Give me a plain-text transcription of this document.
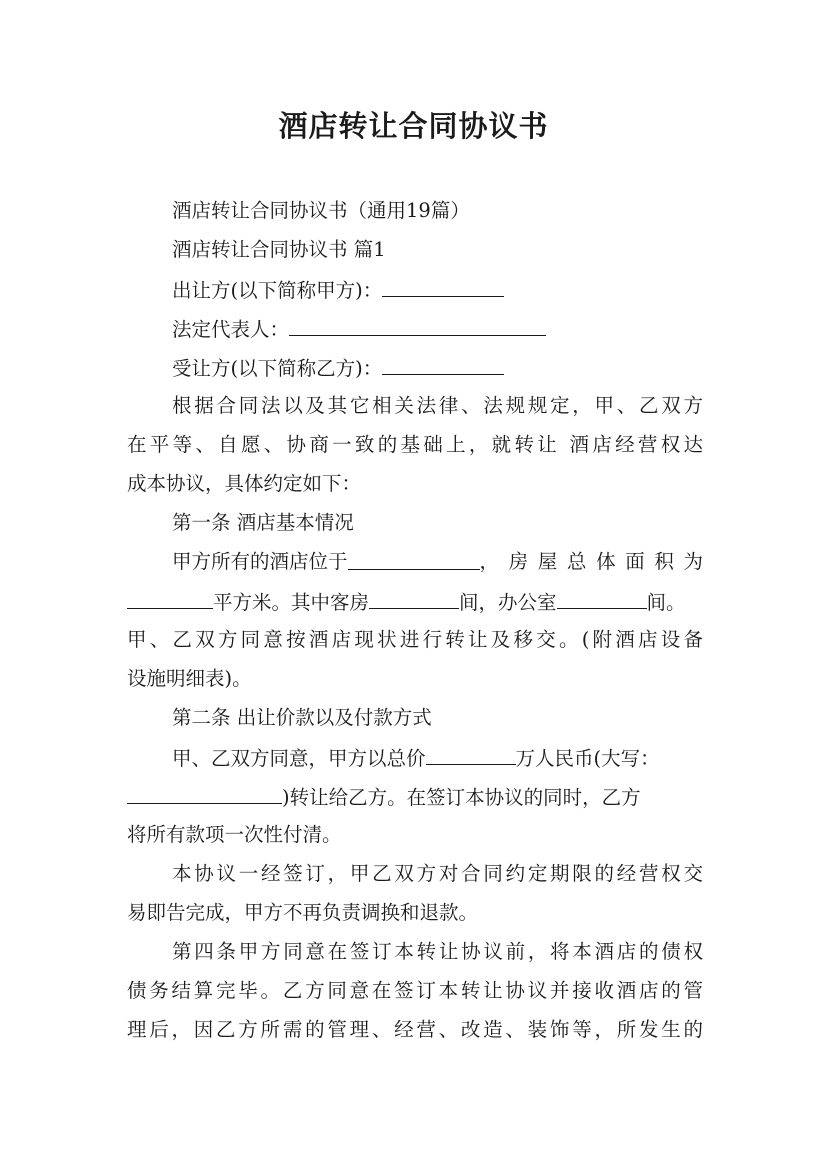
酒店转让合同协议书
酒店转让合同协议书（通用19篇）
酒店转让合同协议书 篇1
出让方(以下简称甲方)：
法定代表人：
受让方(以下简称乙方)：
根据合同法以及其它相关法律、法规规定，甲、乙双方
在平等、自愿、协商一致的基础上，就转让 酒店经营权达
成本协议，具体约定如下：
第一条 酒店基本情况
甲方所有的酒店位于	，房屋总体面积为
平方米。其中客房	间，办公室	间。
甲、乙双方同意按酒店现状进行转让及移交。(附酒店设备
设施明细表)。
第二条 出让价款以及付款方式
甲、乙双方同意，甲方以总价	万人民币(大写：
)转让给乙方。在签订本协议的同时，乙方
将所有款项一次性付清。
本协议一经签订，甲乙双方对合同约定期限的经营权交
易即告完成，甲方不再负责调换和退款。
第四条甲方同意在签订本转让协议前，将本酒店的债权
债务结算完毕。乙方同意在签订本转让协议并接收酒店的管
理后，因乙方所需的管理、经营、改造、装饰等，所发生的
